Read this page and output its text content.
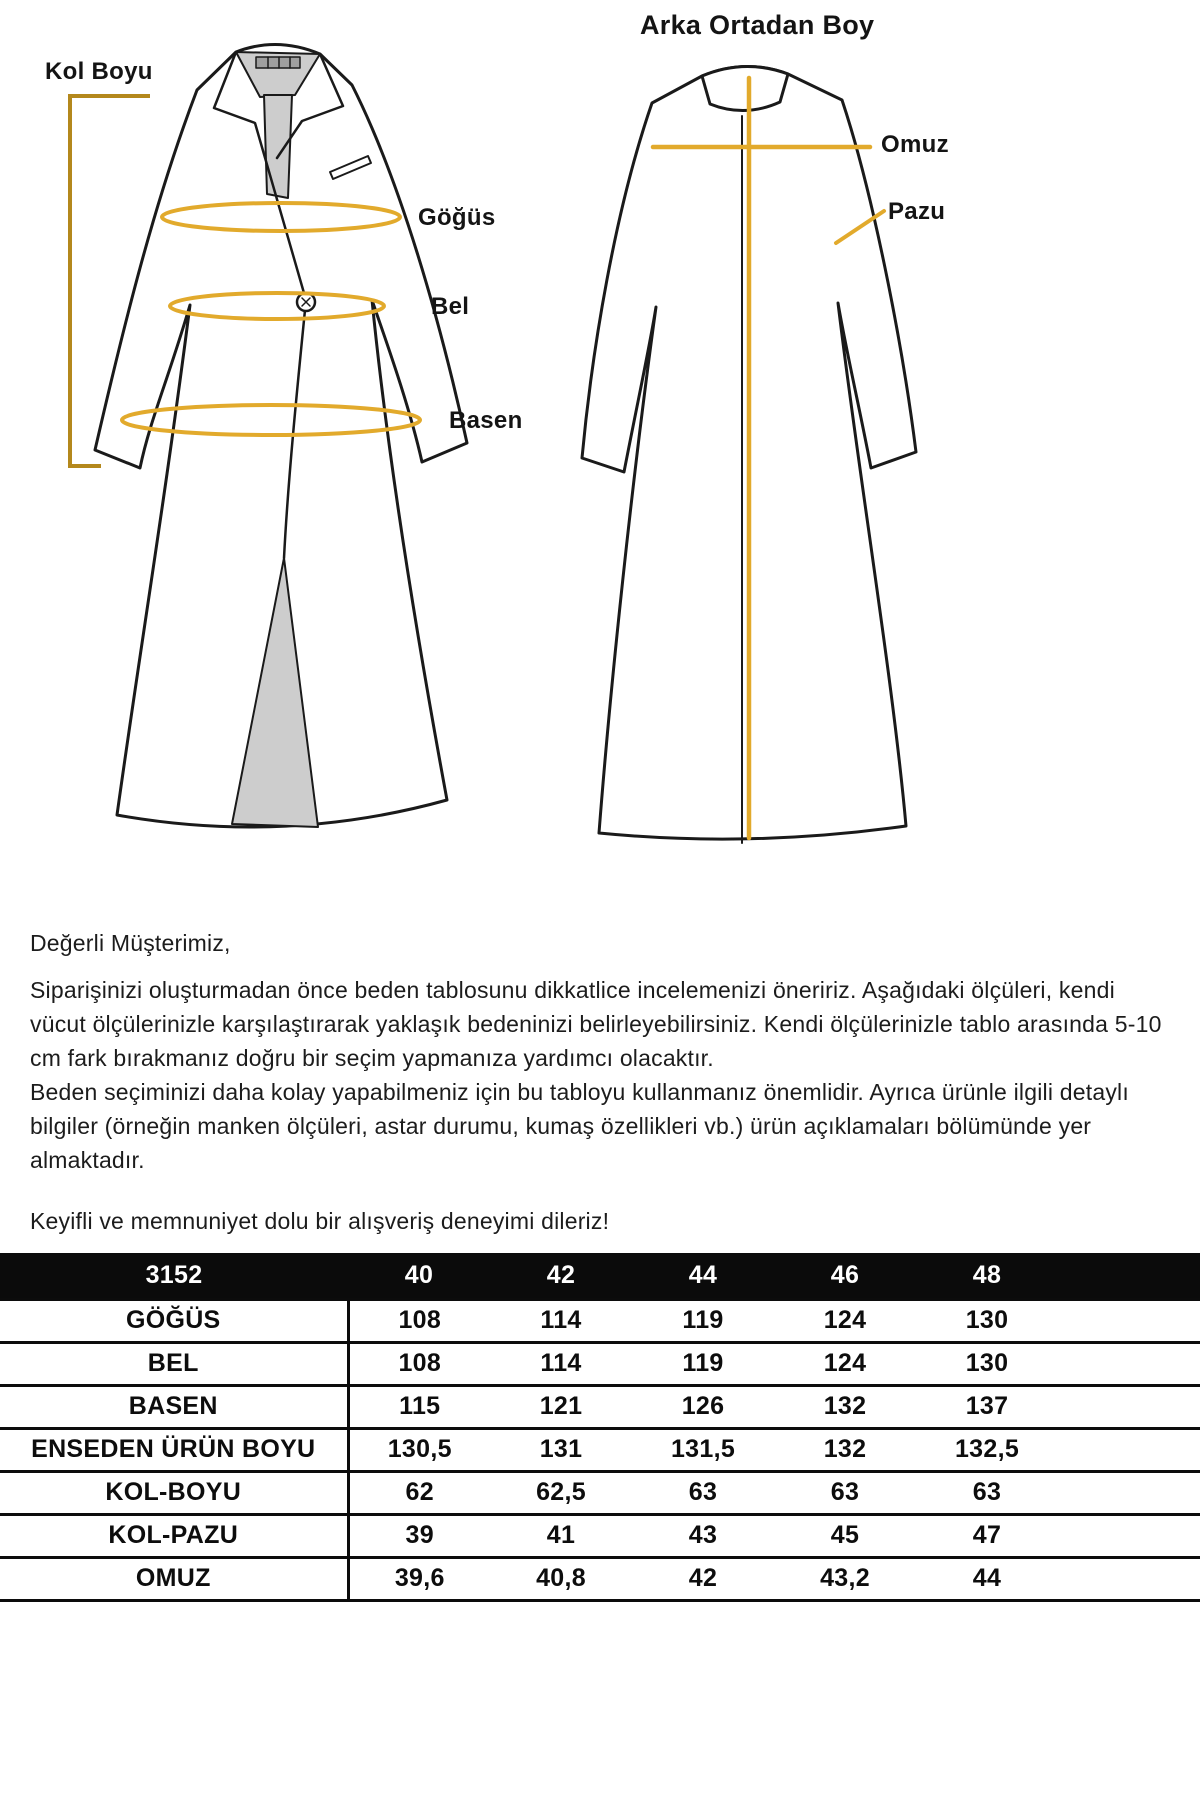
Kol Boyu
Arka Ortadan Boy
Göğüs
Bel
Basen
Omuz
Pazu

Değerli Müşterimiz,

Siparişinizi oluşturmadan önce beden tablosunu dikkatlice incelemenizi öneririz. Aşağıdaki ölçüleri, kendi vücut ölçülerinizle karşılaştırarak yaklaşık bedeninizi belirleyebilirsiniz. Kendi ölçülerinizle tablo arasında 5-10 cm fark bırakmanız doğru bir seçim yapmanıza yardımcı olacaktır.

Beden seçiminizi daha kolay yapabilmeniz için bu tabloyu kullanmanız önemlidir. Ayrıca ürünle ilgili detaylı bilgiler (örneğin manken ölçüleri, astar durumu, kumaş özellikleri vb.) ürün açıklamaları bölümünde yer almaktadır.

Keyifli ve memnuniyet dolu bir alışveriş deneyimi dileriz!

3152	40	42	44	46	48	
GÖĞÜS	108	114	119	124	130	
BEL	108	114	119	124	130	
BASEN	115	121	126	132	137	
ENSEDEN ÜRÜN BOYU	130,5	131	131,5	132	132,5	
KOL-BOYU	62	62,5	63	63	63	
KOL-PAZU	39	41	43	45	47	
OMUZ	39,6	40,8	42	43,2	44	
